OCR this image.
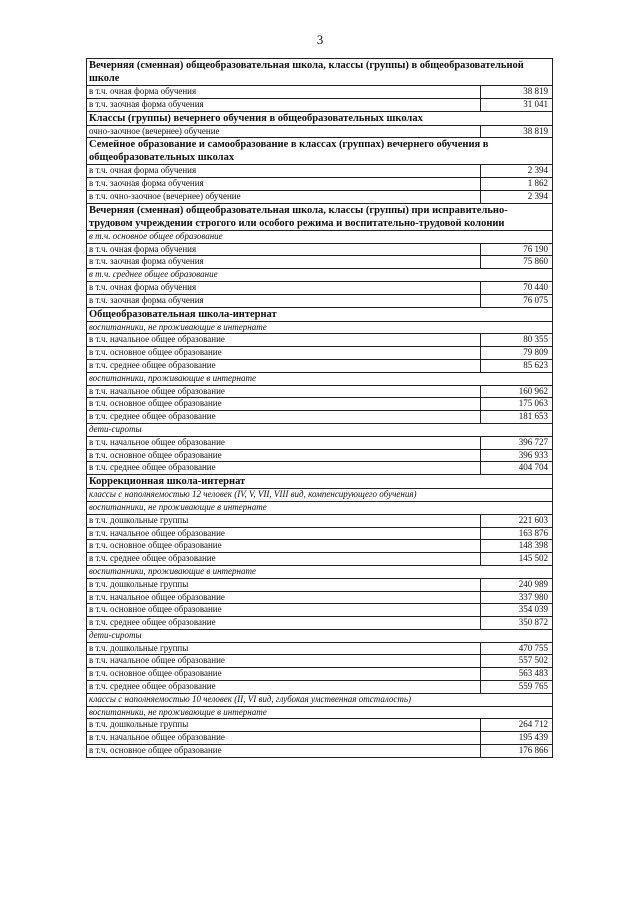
3
Вечерняя (сменная) общеобразовательная школа, классы (группы) в общеобразовательной школе	
в т.ч. очная форма обучения	38 819
в т.ч. заочная форма обучения	31 041
Классы (группы) вечернего обучения в общеобразовательных школах	
очно-заочное (вечернее) обучение	38 819
Семейное образование и самообразование в классах (группах) вечернего обучения в общеобразовательных школах	
в т.ч. очная форма обучения	2 394
в т.ч. заочная форма обучения	1 862
в т.ч. очно-заочное (вечернее) обучение	2 394
Вечерняя (сменная) общеобразовательная школа, классы (группы) при исправительно-трудовом учреждении строгого или особого режима и воспитательно-трудовой колонии	
в т.ч. основное общее образование	
в т.ч. очная форма обучения	76 190
в т.ч. заочная форма обучения	75 860
в т.ч. среднее общее образование	
в т.ч. очная форма обучения	70 440
в т.ч. заочная форма обучения	76 075
Общеобразовательная школа-интернат	
воспитанники, не проживающие в интернате	
в т.ч. начальное общее образование	80 355
в т.ч. основное общее образование	79 809
в т.ч. среднее общее образование	85 623
воспитанники, проживающие в интернате	
в т.ч. начальное общее образование	160 962
в т.ч. основное общее образование	175 063
в т.ч. среднее общее образование	181 653
дети-сироты	
в т.ч. начальное общее образование	396 727
в т.ч. основное общее образование	396 933
в т.ч. среднее общее образование	404 704
Коррекционная школа-интернат	
классы с наполняемостью 12 человек (IV, V, VII, VIII вид, компенсирующего обучения)	
воспитанники, не проживающие в интернате	
в т.ч. дошкольные группы	221 603
в т.ч. начальное общее образование	163 876
в т.ч. основное общее образование	148 398
в т.ч. среднее общее образование	145 502
воспитанники, проживающие в интернате	
в т.ч. дошкольные группы	240 989
в т.ч. начальное общее образование	337 980
в т.ч. основное общее образование	354 039
в т.ч. среднее общее образование	350 872
дети-сироты	
в т.ч. дошкольные группы	470 755
в т.ч. начальное общее образование	557 502
в т.ч. основное общее образование	563 483
в т.ч. среднее общее образование	559 765
классы с наполняемостью 10 человек (II, VI вид, глубокая умственная отсталость)	
воспитанники, не проживающие в интернате	
в т.ч. дошкольные группы	264 712
в т.ч. начальное общее образование	195 439
в т.ч. основное общее образование	176 866
